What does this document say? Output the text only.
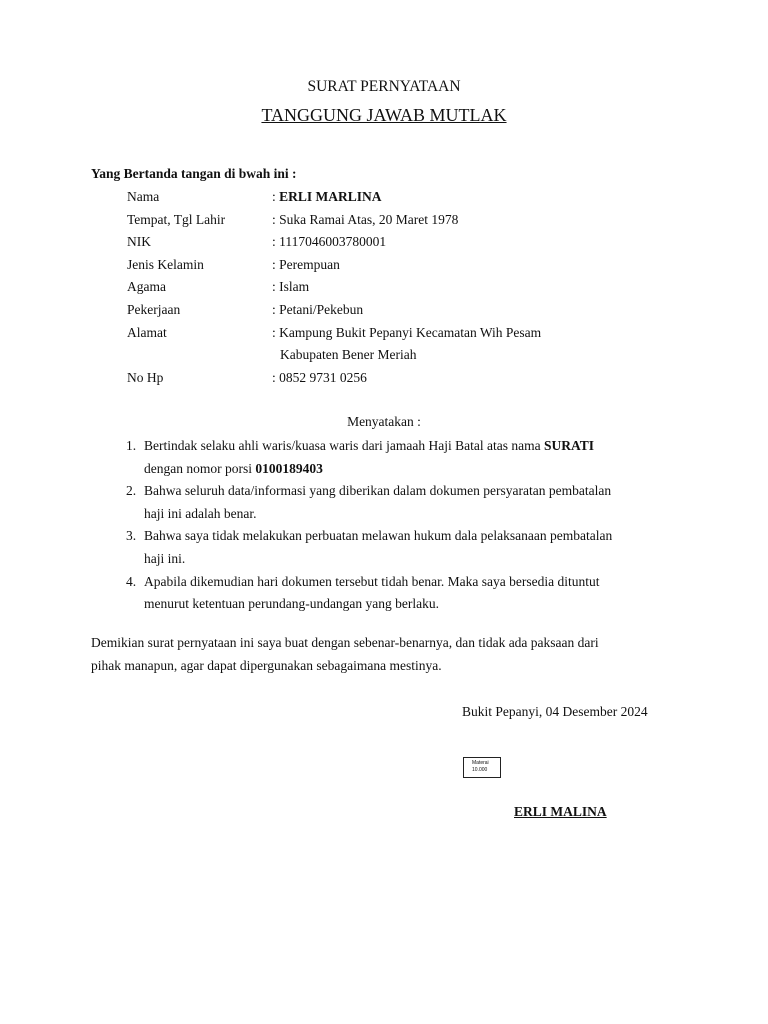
SURAT PERNYATAAN
TANGGUNG JAWAB MUTLAK
Yang Bertanda tangan di bwah ini :
Nama	: ERLI MARLINA
Tempat, Tgl Lahir	: Suka Ramai Atas, 20 Maret 1978
NIK	: 1117046003780001
Jenis Kelamin	: Perempuan
Agama	: Islam
Pekerjaan	: Petani/Pekebun
Alamat	: Kampung Bukit Pepanyi Kecamatan Wih Pesam
Kabupaten Bener Meriah
No Hp	: 0852 9731 0256
Menyatakan :
1. Bertindak selaku ahli waris/kuasa waris dari jamaah Haji Batal atas nama SURATI
dengan nomor porsi 0100189403
2. Bahwa seluruh data/informasi yang diberikan dalam dokumen persyaratan pembatalan
haji ini adalah benar.
3. Bahwa saya tidak melakukan perbuatan melawan hukum dala pelaksanaan pembatalan
haji ini.
4. Apabila dikemudian hari dokumen tersebut tidah benar. Maka saya bersedia dituntut
menurut ketentuan perundang-undangan yang berlaku.
Demikian surat pernyataan ini saya buat dengan sebenar-benarnya, dan tidak ada paksaan dari
pihak manapun, agar dapat dipergunakan sebagaimana mestinya.
Bukit Pepanyi, 04 Desember 2024
Materai
10.000
ERLI MALINA
